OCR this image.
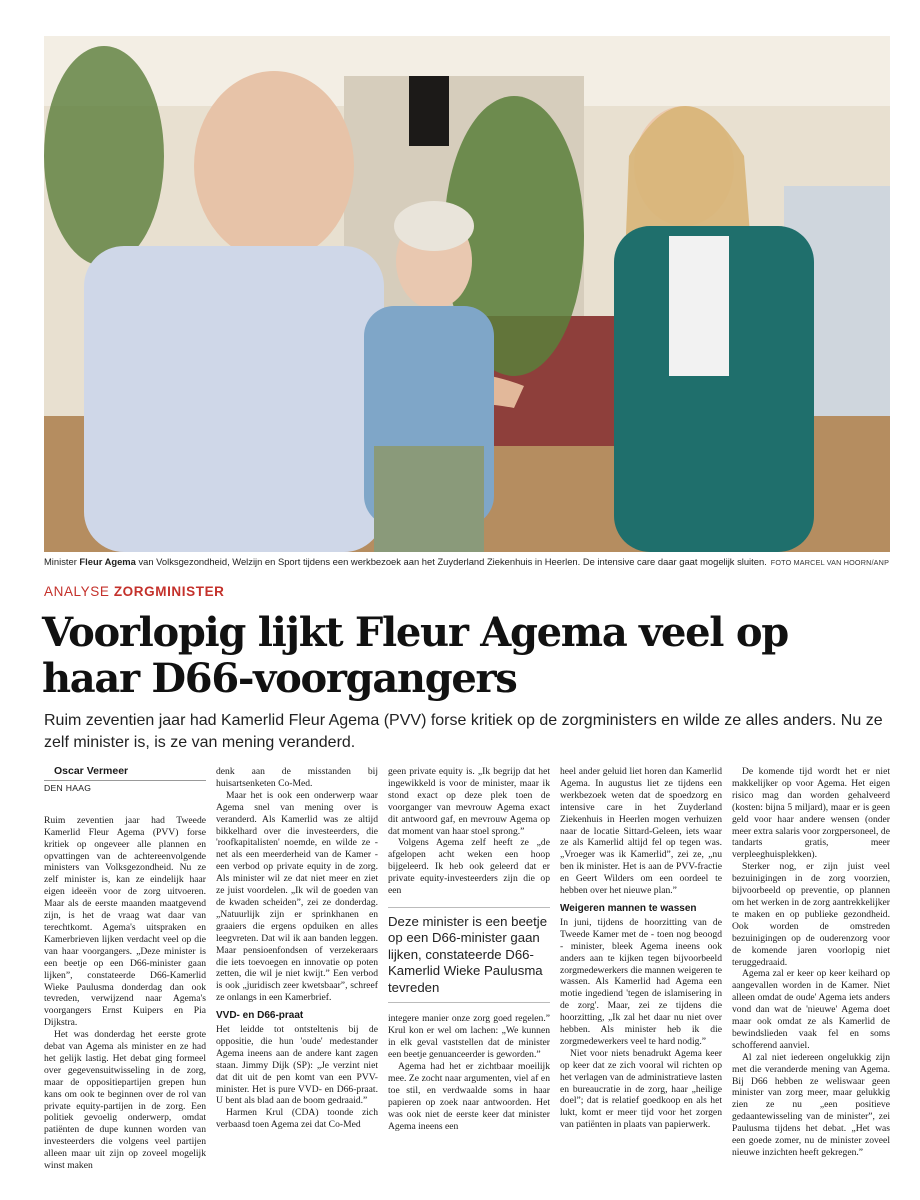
Minister Fleur Agema van Volksgezondheid, Welzijn en Sport tijdens een werkbezoek aan het Zuyderland Ziekenhuis in Heerlen. De intensive care daar gaat mogelijk sluiten. FOTO MARCEL VAN HOORN/ANP
ANALYSE ZORGMINISTER
Voorlopig lijkt Fleur Agema veel op haar D66-voorgangers

Ruim zeventien jaar had Kamerlid Fleur Agema (PVV) forse kritiek op de zorgministers en wilde ze alles anders. Nu ze zelf minister is, is ze van mening veranderd.

Oscar Vermeer

DEN HAAG

Ruim zeventien jaar had Tweede Kamerlid Fleur Agema (PVV) forse kritiek op ongeveer alle plannen en opvattingen van de achtereenvolgende ministers van Volksgezondheid. Nu ze zelf minister is, kan ze eindelijk haar eigen ideeën voor de zorg uitvoeren. Maar als de eerste maanden maatgevend zijn, is het de vraag wat daar van terechtkomt. Agema's uitspraken en Kamerbrieven lijken verdacht veel op die van haar voorgangers. „Deze minister is een beetje op een D66-minister gaan lijken”, constateerde D66-Kamerlid Wieke Paulusma donderdag dan ook tevreden, verwijzend naar Agema's voorgangers Ernst Kuipers en Pia Dijkstra.

Het was donderdag het eerste grote debat van Agema als minister en ze had het gelijk lastig. Het debat ging formeel over gegevensuitwisseling in de zorg, maar de oppositiepartijen grepen hun kans om ook te beginnen over de rol van private equity-partijen in de zorg. Een politiek gevoelig onderwerp, omdat patiënten de dupe kunnen worden van investeerders die volgens veel partijen alleen maar uit zijn op zoveel mogelijk winst maken

denk aan de misstanden bij huisartsenketen Co-Med.

Maar het is ook een onderwerp waar Agema snel van mening over is veranderd. Als Kamerlid was ze altijd bikkelhard over die investeerders, die 'roofkapitalisten' noemde, en wilde ze - net als een meerderheid van de Kamer - een verbod op private equity in de zorg. Als minister wil ze dat niet meer en ziet ze juist voordelen. „Ik wil de goeden van de kwaden scheiden”, zei ze donderdag. „Natuurlijk zijn er sprinkhanen en graaiers die ergens opduiken en alles leegvreten. Dat wil ik aan banden leggen. Maar pensioenfondsen of verzekeraars die iets toevoegen en innovatie op poten zetten, die wil je niet kwijt.” Een verbod is ook „juridisch zeer kwetsbaar”, schreef ze onlangs in een Kamerbrief.

VVD- en D66-praat

Het leidde tot ontsteltenis bij de oppositie, die hun 'oude' medestander Agema ineens aan de andere kant zagen staan. Jimmy Dijk (SP): „Je verzint niet dat dit uit de pen komt van een PVV-minister. Het is pure VVD- en D66-praat. U bent als blad aan de boom gedraaid.”

Harmen Krul (CDA) toonde zich verbaasd toen Agema zei dat Co-Med

geen private equity is. „Ik begrijp dat het ingewikkeld is voor de minister, maar ik stond exact op deze plek toen de voorganger van mevrouw Agema exact dit antwoord gaf, en mevrouw Agema op dat moment van haar stoel sprong.”

Volgens Agema zelf heeft ze „de afgelopen acht weken een hoop bijgeleerd. Ik heb ook geleerd dat er private equity-investeerders zijn die op een

Deze minister is een beetje op een D66-minister gaan lijken, constateerde D66-Kamerlid Wieke Paulusma tevreden

integere manier onze zorg goed regelen.” Krul kon er wel om lachen: „We kunnen in elk geval vaststellen dat de minister een beetje genuanceerder is geworden.”

Agema had het er zichtbaar moeilijk mee. Ze zocht naar argumenten, viel af en toe stil, en verdwaalde soms in haar papieren op zoek naar antwoorden. Het was ook niet de eerste keer dat minister Agema ineens een

heel ander geluid liet horen dan Kamerlid Agema. In augustus liet ze tijdens een werkbezoek weten dat de spoedzorg en intensive care in het Zuyderland Ziekenhuis in Heerlen mogen verhuizen naar de locatie Sittard-Geleen, iets waar ze als Kamerlid altijd fel op tegen was. „Vroeger was ik Kamerlid”, zei ze, „nu ben ik minister. Het is aan de PVV-fractie en Geert Wilders om een oordeel te hebben over het nieuwe plan.”

Weigeren mannen te wassen

In juni, tijdens de hoorzitting van de Tweede Kamer met de - toen nog beoogd - minister, bleek Agema ineens ook anders aan te kijken tegen bijvoorbeeld zorgmedewerkers die mannen weigeren te wassen. Als Kamerlid had Agema een motie ingediend 'tegen de islamisering in de zorg'. Maar, zei ze tijdens die hoorzitting, „Ik zal het daar nu niet over hebben. Als minister heb ik die zorgmedewerkers veel te hard nodig.”

Niet voor niets benadrukt Agema keer op keer dat ze zich vooral wil richten op het verlagen van de administratieve lasten en bureaucratie in de zorg, haar „heilige doel”; dat is relatief goedkoop en als het lukt, komt er meer tijd voor het zorgen van patiënten in plaats van papierwerk.

De komende tijd wordt het er niet makkelijker op voor Agema. Het eigen risico mag dan worden gehalveerd (kosten: bijna 5 miljard), maar er is geen geld voor haar andere wensen (onder meer extra salaris voor zorgpersoneel, de tandarts gratis, meer verpleeghuisplekken).

Sterker nog, er zijn juist veel bezuinigingen in de zorg voorzien, bijvoorbeeld op preventie, op plannen om het werken in de zorg aantrekkelijker te maken en op publieke gezondheid. Ook worden de omstreden bezuinigingen op de ouderenzorg voor de komende jaren voorlopig niet teruggedraaid.

Agema zal er keer op keer keihard op aangevallen worden in de Kamer. Niet alleen omdat de oude' Agema iets anders vond dan wat de 'nieuwe' Agema doet maar ook omdat ze als Kamerlid de bewindslieden vaak fel en soms schofferend aanviel.

Al zal niet iedereen ongelukkig zijn met die veranderde mening van Agema. Bij D66 hebben ze weliswaar geen minister van zorg meer, maar gelukkig zien ze nu „een positieve gedaantewisseling van de minister”, zei Paulusma tijdens het debat. „Het was een goede zomer, nu de minister zoveel nieuwe inzichten heeft gekregen.”
